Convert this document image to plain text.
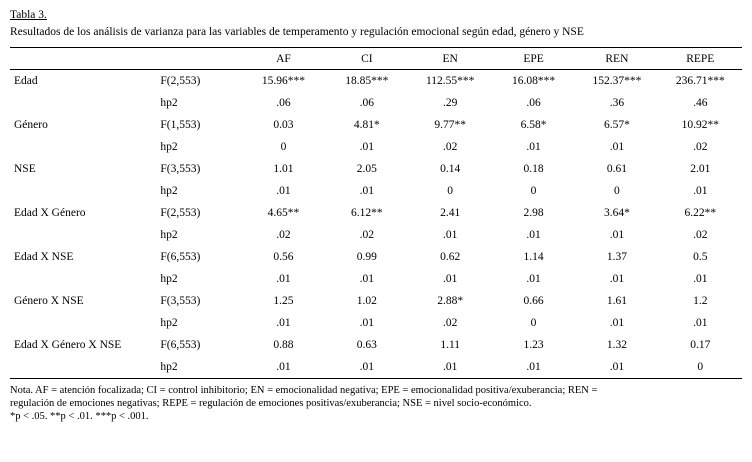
Tabla 3.
Resultados de los análisis de varianza para las variables de temperamento y regulación emocional según edad, género y NSE
		AF	CI	EN	EPE	REN	REPE
Edad	F(2,553)	15.96***	18.85***	112.55***	16.08***	152.37***	236.71***
	hp2	.06	.06	.29	.06	.36	.46
Género	F(1,553)	0.03	4.81*	9.77**	6.58*	6.57*	10.92**
	hp2	0	.01	.02	.01	.01	.02
NSE	F(3,553)	1.01	2.05	0.14	0.18	0.61	2.01
	hp2	.01	.01	0	0	0	.01
Edad X Género	F(2,553)	4.65**	6.12**	2.41	2.98	3.64*	6.22**
	hp2	.02	.02	.01	.01	.01	.02
Edad X NSE	F(6,553)	0.56	0.99	0.62	1.14	1.37	0.5
	hp2	.01	.01	.01	.01	.01	.01
Género X NSE	F(3,553)	1.25	1.02	2.88*	0.66	1.61	1.2
	hp2	.01	.01	.02	0	.01	.01
Edad X Género X NSE	F(6,553)	0.88	0.63	1.11	1.23	1.32	0.17
	hp2	.01	.01	.01	.01	.01	0
Nota. AF = atención focalizada; CI = control inhibitorio; EN = emocionalidad negativa; EPE = emocionalidad positiva/exuberancia; REN =
regulación de emociones negativas; REPE = regulación de emociones positivas/exuberancia; NSE = nivel socio-económico.
*p < .05. **p < .01. ***p < .001.
